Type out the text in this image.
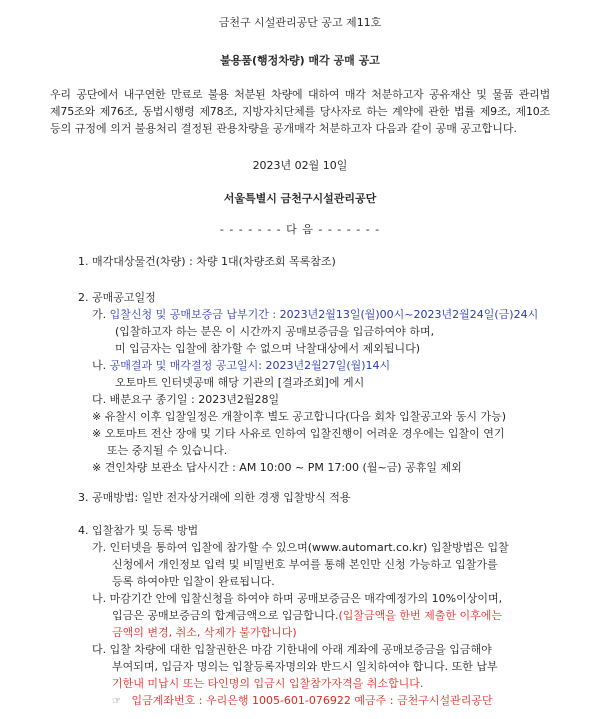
금천구 시설관리공단 공고 제11호
불용품(행정차량) 매각 공매 공고
우리 공단에서 내구연한 만료로 불용 처분된 차량에 대하여 매각 처분하고자 공유재산 및 물품 관리법
제75조와 제76조, 동법시행령 제78조, 지방자치단체를 당사자로 하는 계약에 관한 법률 제9조, 제10조
등의 규정에 의거 불용처리 결정된 관용차량을 공개매각 처분하고자 다음과 같이 공매 공고합니다.
2023년 02월 10일
서울특별시 금천구시설관리공단
- - - - - - - 다 음 - - - - - - -
1. 매각대상물건(차량) : 차량 1대(차량조회 목록참조)
2. 공매공고일정
가. 입찰신청 및 공매보증금 납부기간 : 2023년2월13일(월)00시~2023년2월24일(금)24시
(입찰하고자 하는 분은 이 시간까지 공매보증금을 입금하여야 하며,
미 입금자는 입찰에 참가할 수 없으며 낙찰대상에서 제외됩니다)
나. 공매결과 및 매각결정 공고일시: 2023년2월27일(월)14시
오토마트 인터넷공매 해당 기관의 [결과조회]에 게시
다. 배분요구 종기일 : 2023년2월28일
※ 유찰시 이후 입찰일정은 개찰이후 별도 공고합니다(다음 회차 입찰공고와 동시 가능)
※ 오토마트 전산 장애 및 기타 사유로 인하여 입찰진행이 어려운 경우에는 입찰이 연기
또는 중지될 수 있습니다.
※ 견인차량 보관소 답사시간 : AM 10:00 ~ PM 17:00 (월~금) 공휴일 제외
3. 공매방법: 일반 전자상거래에 의한 경쟁 입찰방식 적용
4. 입찰참가 및 등록 방법
가. 인터넷을 통하여 입찰에 참가할 수 있으며(www.automart.co.kr) 입찰방법은 입찰
신청에서 개인정보 입력 및 비밀번호 부여를 통해 본인만 신청 가능하고 입찰가를
등록 하여야만 입찰이 완료됩니다.
나. 마감기간 안에 입찰신청을 하여야 하며 공매보증금은 매각예정가의 10%이상이며,
입금은 공매보증금의 합계금액으로 입금합니다.(입찰금액을 한번 제출한 이후에는
금액의 변경, 취소, 삭제가 불가합니다)
다. 입찰 차량에 대한 입찰권한은 마감 기한내에 아래 계좌에 공매보증금을 입금해야
부여되며, 입금자 명의는 입찰등록자명의와 반드시 일치하여야 합니다. 또한 납부
기한내 미납시 또는 타인명의 입금시 입찰참가자격을 취소합니다.
☞ 입금계좌번호 : 우리은행 1005-601-076922 예금주 : 금천구시설관리공단
